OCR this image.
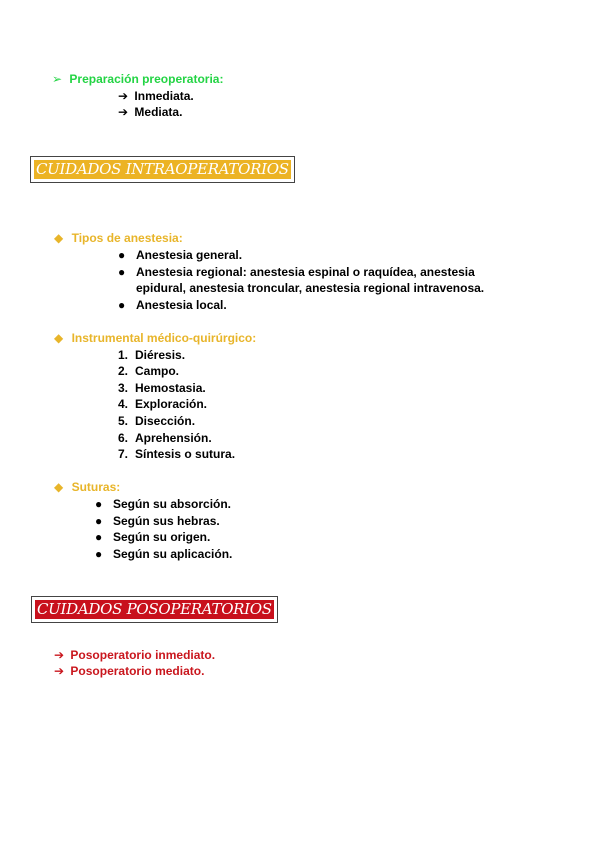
➢ Preparación preoperatoria:
➔ Inmediata.
➔ Mediata.
CUIDADOS INTRAOPERATORIOS
◆ Tipos de anestesia:
● Anestesia general.
● Anestesia regional: anestesia espinal o raquídea, anestesia
epidural, anestesia troncular, anestesia regional intravenosa.
● Anestesia local.
◆ Instrumental médico-quirúrgico:
1. Diéresis.
2. Campo.
3. Hemostasia.
4. Exploración.
5. Disección.
6. Aprehensión.
7. Síntesis o sutura.
◆ Suturas:
● Según su absorción.
● Según sus hebras.
● Según su origen.
● Según su aplicación.
CUIDADOS POSOPERATORIOS
➔ Posoperatorio inmediato.
➔ Posoperatorio mediato.
